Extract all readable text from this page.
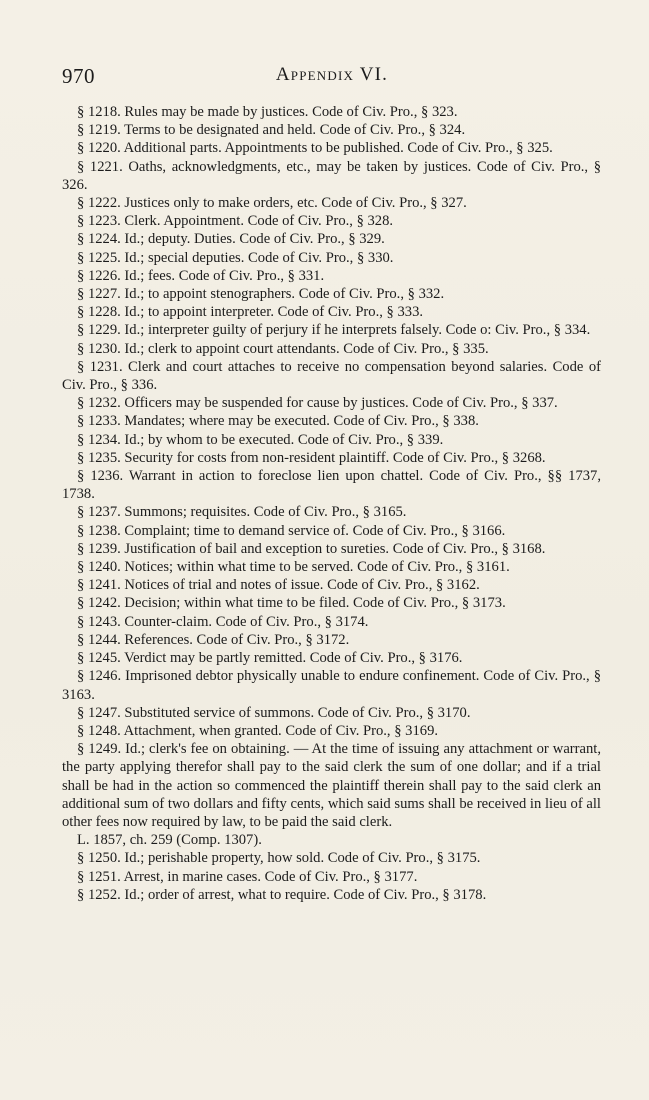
970	Appendix VI.

§ 1218. Rules may be made by justices. Code of Civ. Pro., § 323.

§ 1219. Terms to be designated and held. Code of Civ. Pro., § 324.

§ 1220. Additional parts. Appointments to be published. Code of Civ. Pro., § 325.

§ 1221. Oaths, acknowledgments, etc., may be taken by justices. Code of Civ. Pro., § 326.

§ 1222. Justices only to make orders, etc. Code of Civ. Pro., § 327.

§ 1223. Clerk. Appointment. Code of Civ. Pro., § 328.

§ 1224. Id.; deputy. Duties. Code of Civ. Pro., § 329.

§ 1225. Id.; special deputies. Code of Civ. Pro., § 330.

§ 1226. Id.; fees. Code of Civ. Pro., § 331.

§ 1227. Id.; to appoint stenographers. Code of Civ. Pro., § 332.

§ 1228. Id.; to appoint interpreter. Code of Civ. Pro., § 333.

§ 1229. Id.; interpreter guilty of perjury if he interprets falsely. Code o: Civ. Pro., § 334.

§ 1230. Id.; clerk to appoint court attendants. Code of Civ. Pro., § 335.

§ 1231. Clerk and court attaches to receive no compensation beyond salaries. Code of Civ. Pro., § 336.

§ 1232. Officers may be suspended for cause by justices. Code of Civ. Pro., § 337.

§ 1233. Mandates; where may be executed. Code of Civ. Pro., § 338.

§ 1234. Id.; by whom to be executed. Code of Civ. Pro., § 339.

§ 1235. Security for costs from non-resident plaintiff. Code of Civ. Pro., § 3268.

§ 1236. Warrant in action to foreclose lien upon chattel. Code of Civ. Pro., §§ 1737, 1738.

§ 1237. Summons; requisites. Code of Civ. Pro., § 3165.

§ 1238. Complaint; time to demand service of. Code of Civ. Pro., § 3166.

§ 1239. Justification of bail and exception to sureties. Code of Civ. Pro., § 3168.

§ 1240. Notices; within what time to be served. Code of Civ. Pro., § 3161.

§ 1241. Notices of trial and notes of issue. Code of Civ. Pro., § 3162.

§ 1242. Decision; within what time to be filed. Code of Civ. Pro., § 3173.

§ 1243. Counter-claim. Code of Civ. Pro., § 3174.

§ 1244. References. Code of Civ. Pro., § 3172.

§ 1245. Verdict may be partly remitted. Code of Civ. Pro., § 3176.

§ 1246. Imprisoned debtor physically unable to endure confinement. Code of Civ. Pro., § 3163.

§ 1247. Substituted service of summons. Code of Civ. Pro., § 3170.

§ 1248. Attachment, when granted. Code of Civ. Pro., § 3169.

§ 1249. Id.; clerk's fee on obtaining. — At the time of issuing any attachment or warrant, the party applying therefor shall pay to the said clerk the sum of one dollar; and if a trial shall be had in the action so commenced the plaintiff therein shall pay to the said clerk an additional sum of two dollars and fifty cents, which said sums shall be received in lieu of all other fees now required by law, to be paid the said clerk.

L. 1857, ch. 259 (Comp. 1307).

§ 1250. Id.; perishable property, how sold. Code of Civ. Pro., § 3175.

§ 1251. Arrest, in marine cases. Code of Civ. Pro., § 3177.

§ 1252. Id.; order of arrest, what to require. Code of Civ. Pro., § 3178.
